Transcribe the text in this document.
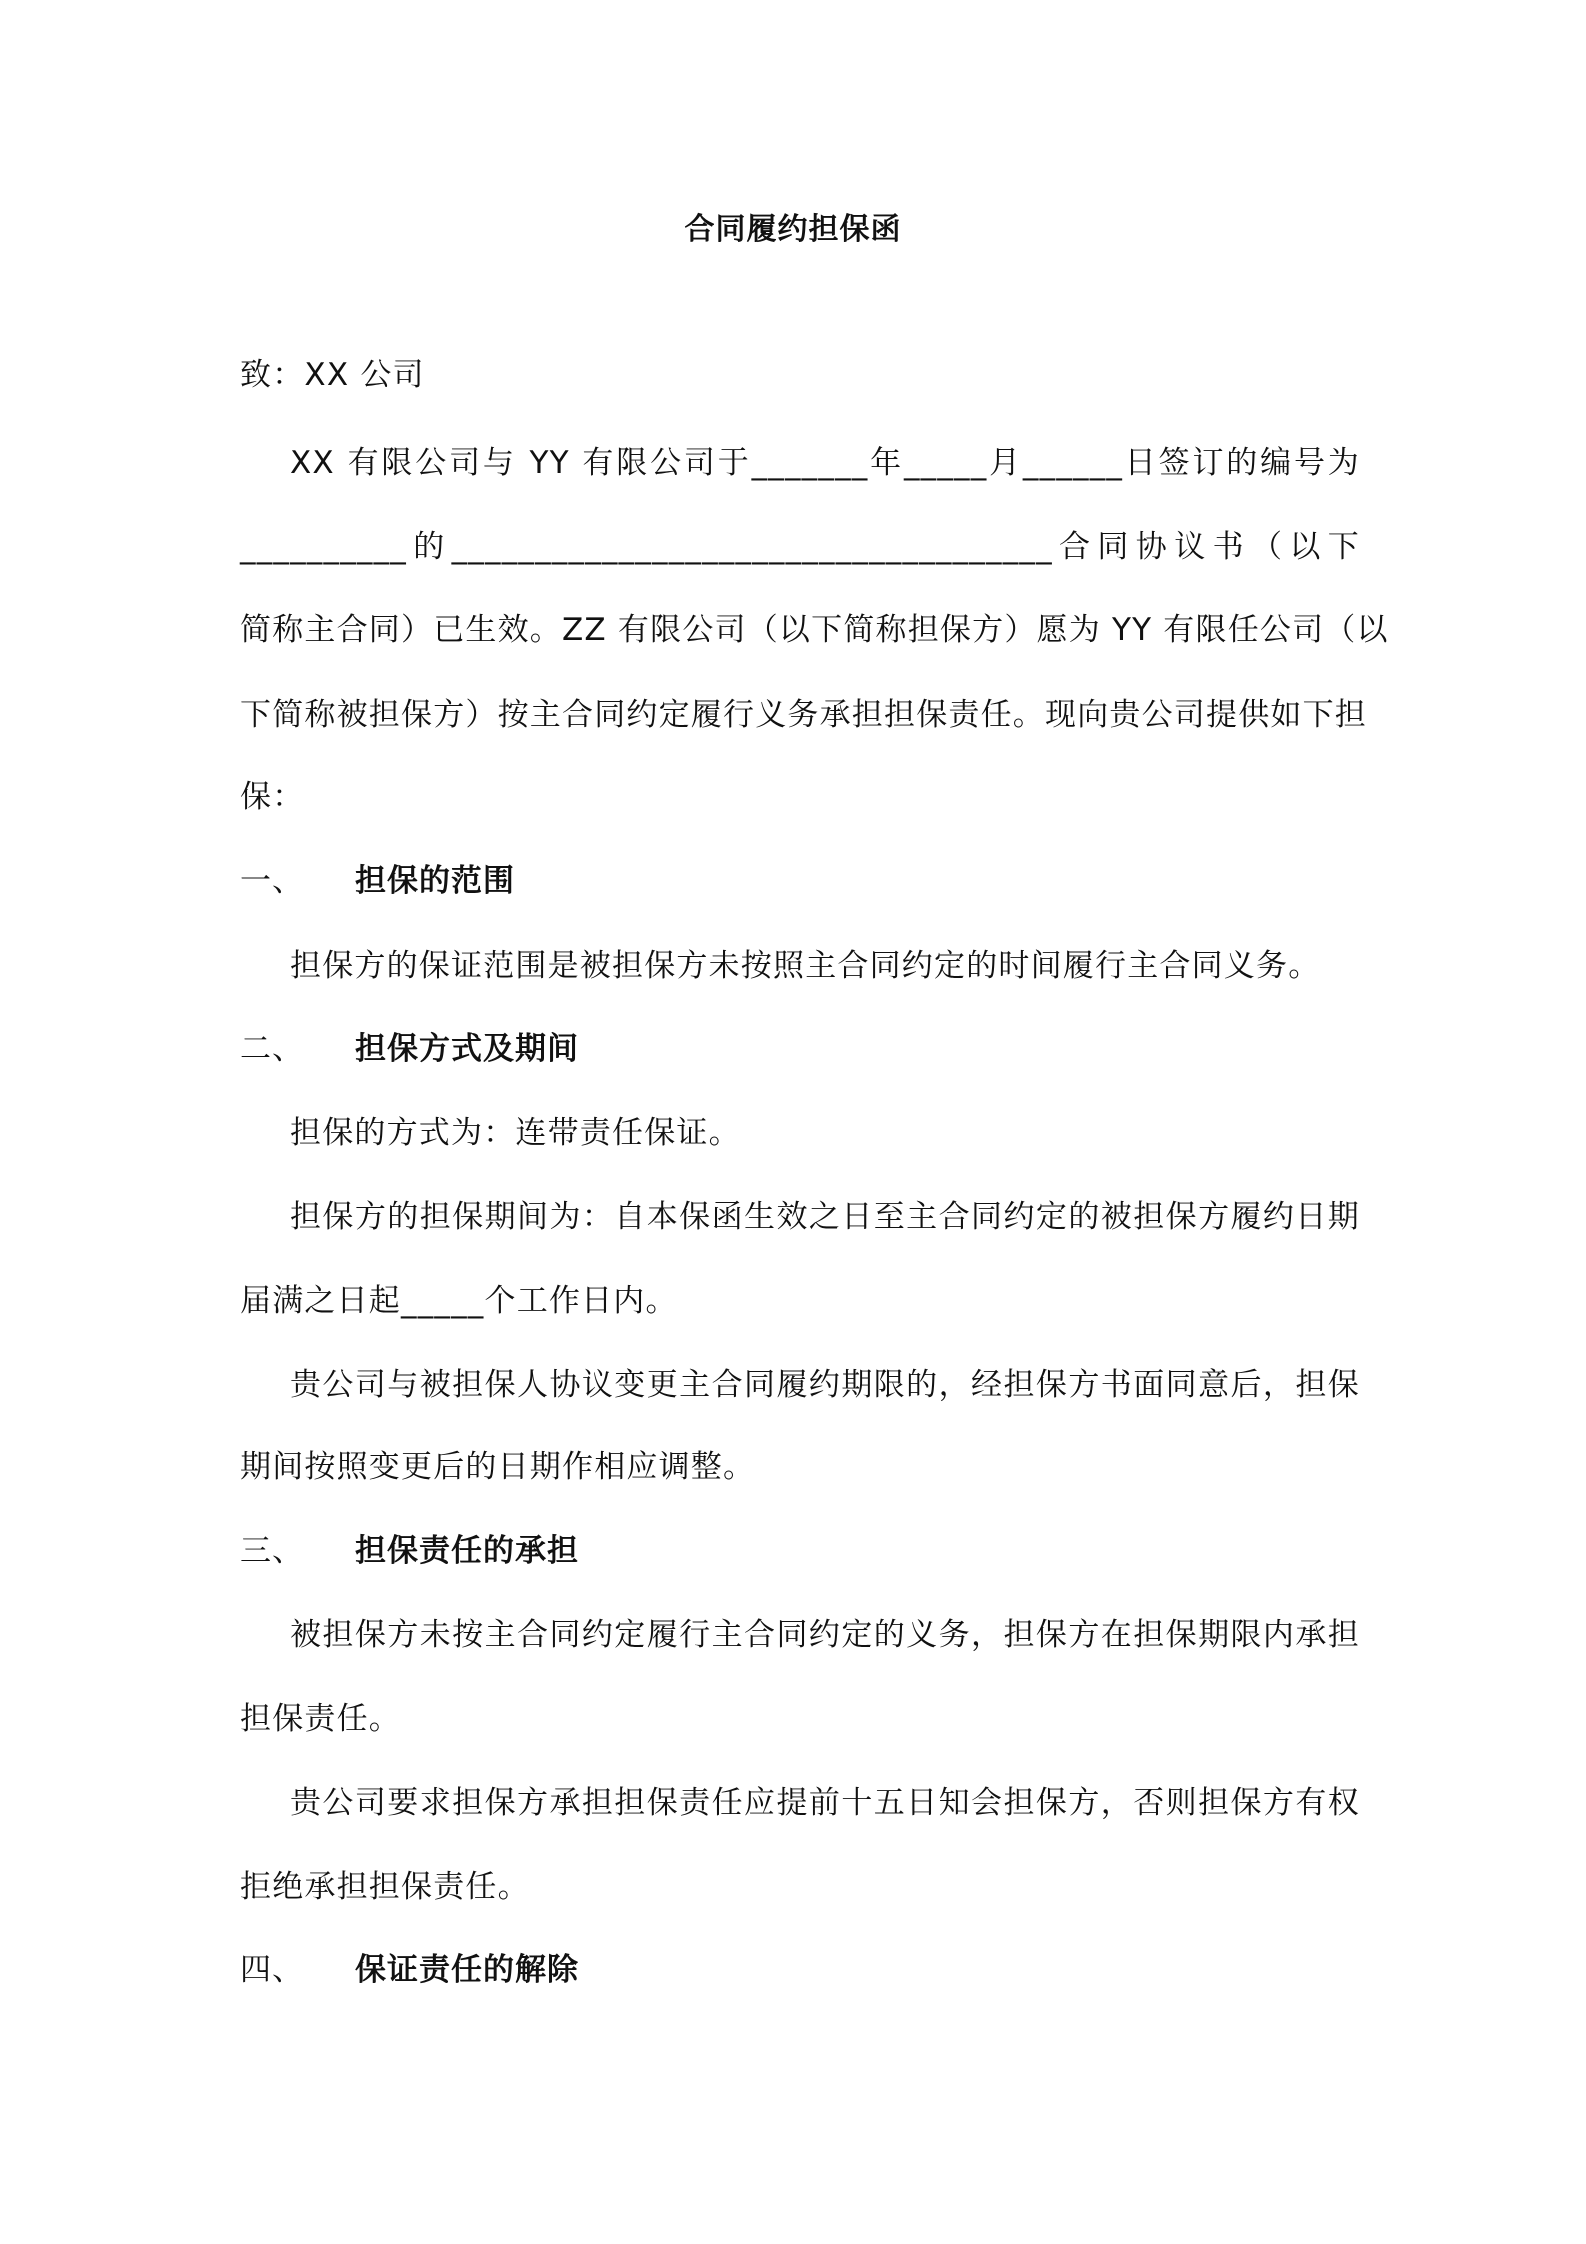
合同履约担保函
致：XX 公司
XX 有限公司与 YY 有限公司于_______年_____月______日签订的编号为
__________的____________________________________合同协议书（以下
简称主合同）已生效。ZZ 有限公司（以下简称担保方）愿为 YY 有限任公司（以
下简称被担保方）按主合同约定履行义务承担担保责任。现向贵公司提供如下担
保：
一、 担保的范围
担保方的保证范围是被担保方未按照主合同约定的时间履行主合同义务。
二、 担保方式及期间
担保的方式为：连带责任保证。
担保方的担保期间为：自本保函生效之日至主合同约定的被担保方履约日期
届满之日起_____个工作日内。
贵公司与被担保人协议变更主合同履约期限的，经担保方书面同意后，担保
期间按照变更后的日期作相应调整。
三、 担保责任的承担
被担保方未按主合同约定履行主合同约定的义务，担保方在担保期限内承担
担保责任。
贵公司要求担保方承担担保责任应提前十五日知会担保方，否则担保方有权
拒绝承担担保责任。
四、 保证责任的解除
